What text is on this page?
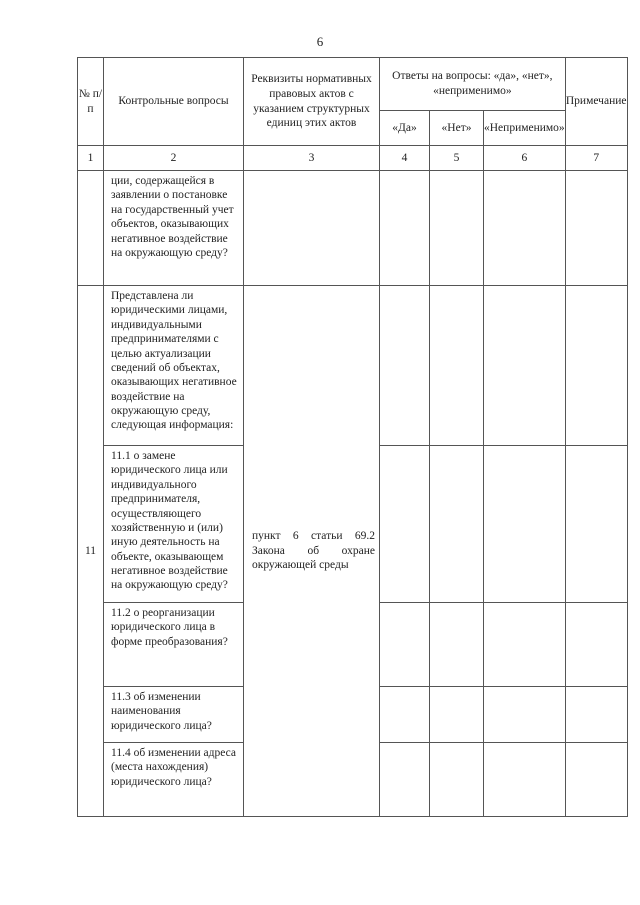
6
№ п/п	Контрольные вопросы	Реквизиты нормативных правовых актов с указанием структурных единиц этих актов	Ответы на вопросы: «да», «нет», «неприменимо»			Примечание
			«Да»	«Нет»	«Неприменимо»	
1	2	3	4	5	6	7
	ции, содержащейся в заявлении о постановке на государственный учет объектов, оказывающих негативное воздействие на окружающую среду?					
11	Представлена ли юридическими лицами, индивидуальными предпринимателями с целью актуализации сведений об объектах, оказывающих негативное воздействие на окружающую среду, следующая информация:	пункт 6 статьи 69.2 Закона об охране окружающей среды				
	11.1 о замене юридического лица или индивидуального предпринимателя, осуществляющего хозяйственную и (или) иную деятельность на объекте, оказывающем негативное воздействие на окружающую среду?					
	11.2 о реорганизации юридического лица в форме преобразования?					
	11.3 об изменении наименования юридического лица?					
	11.4 об изменении адреса (места нахождения) юридического лица?					
